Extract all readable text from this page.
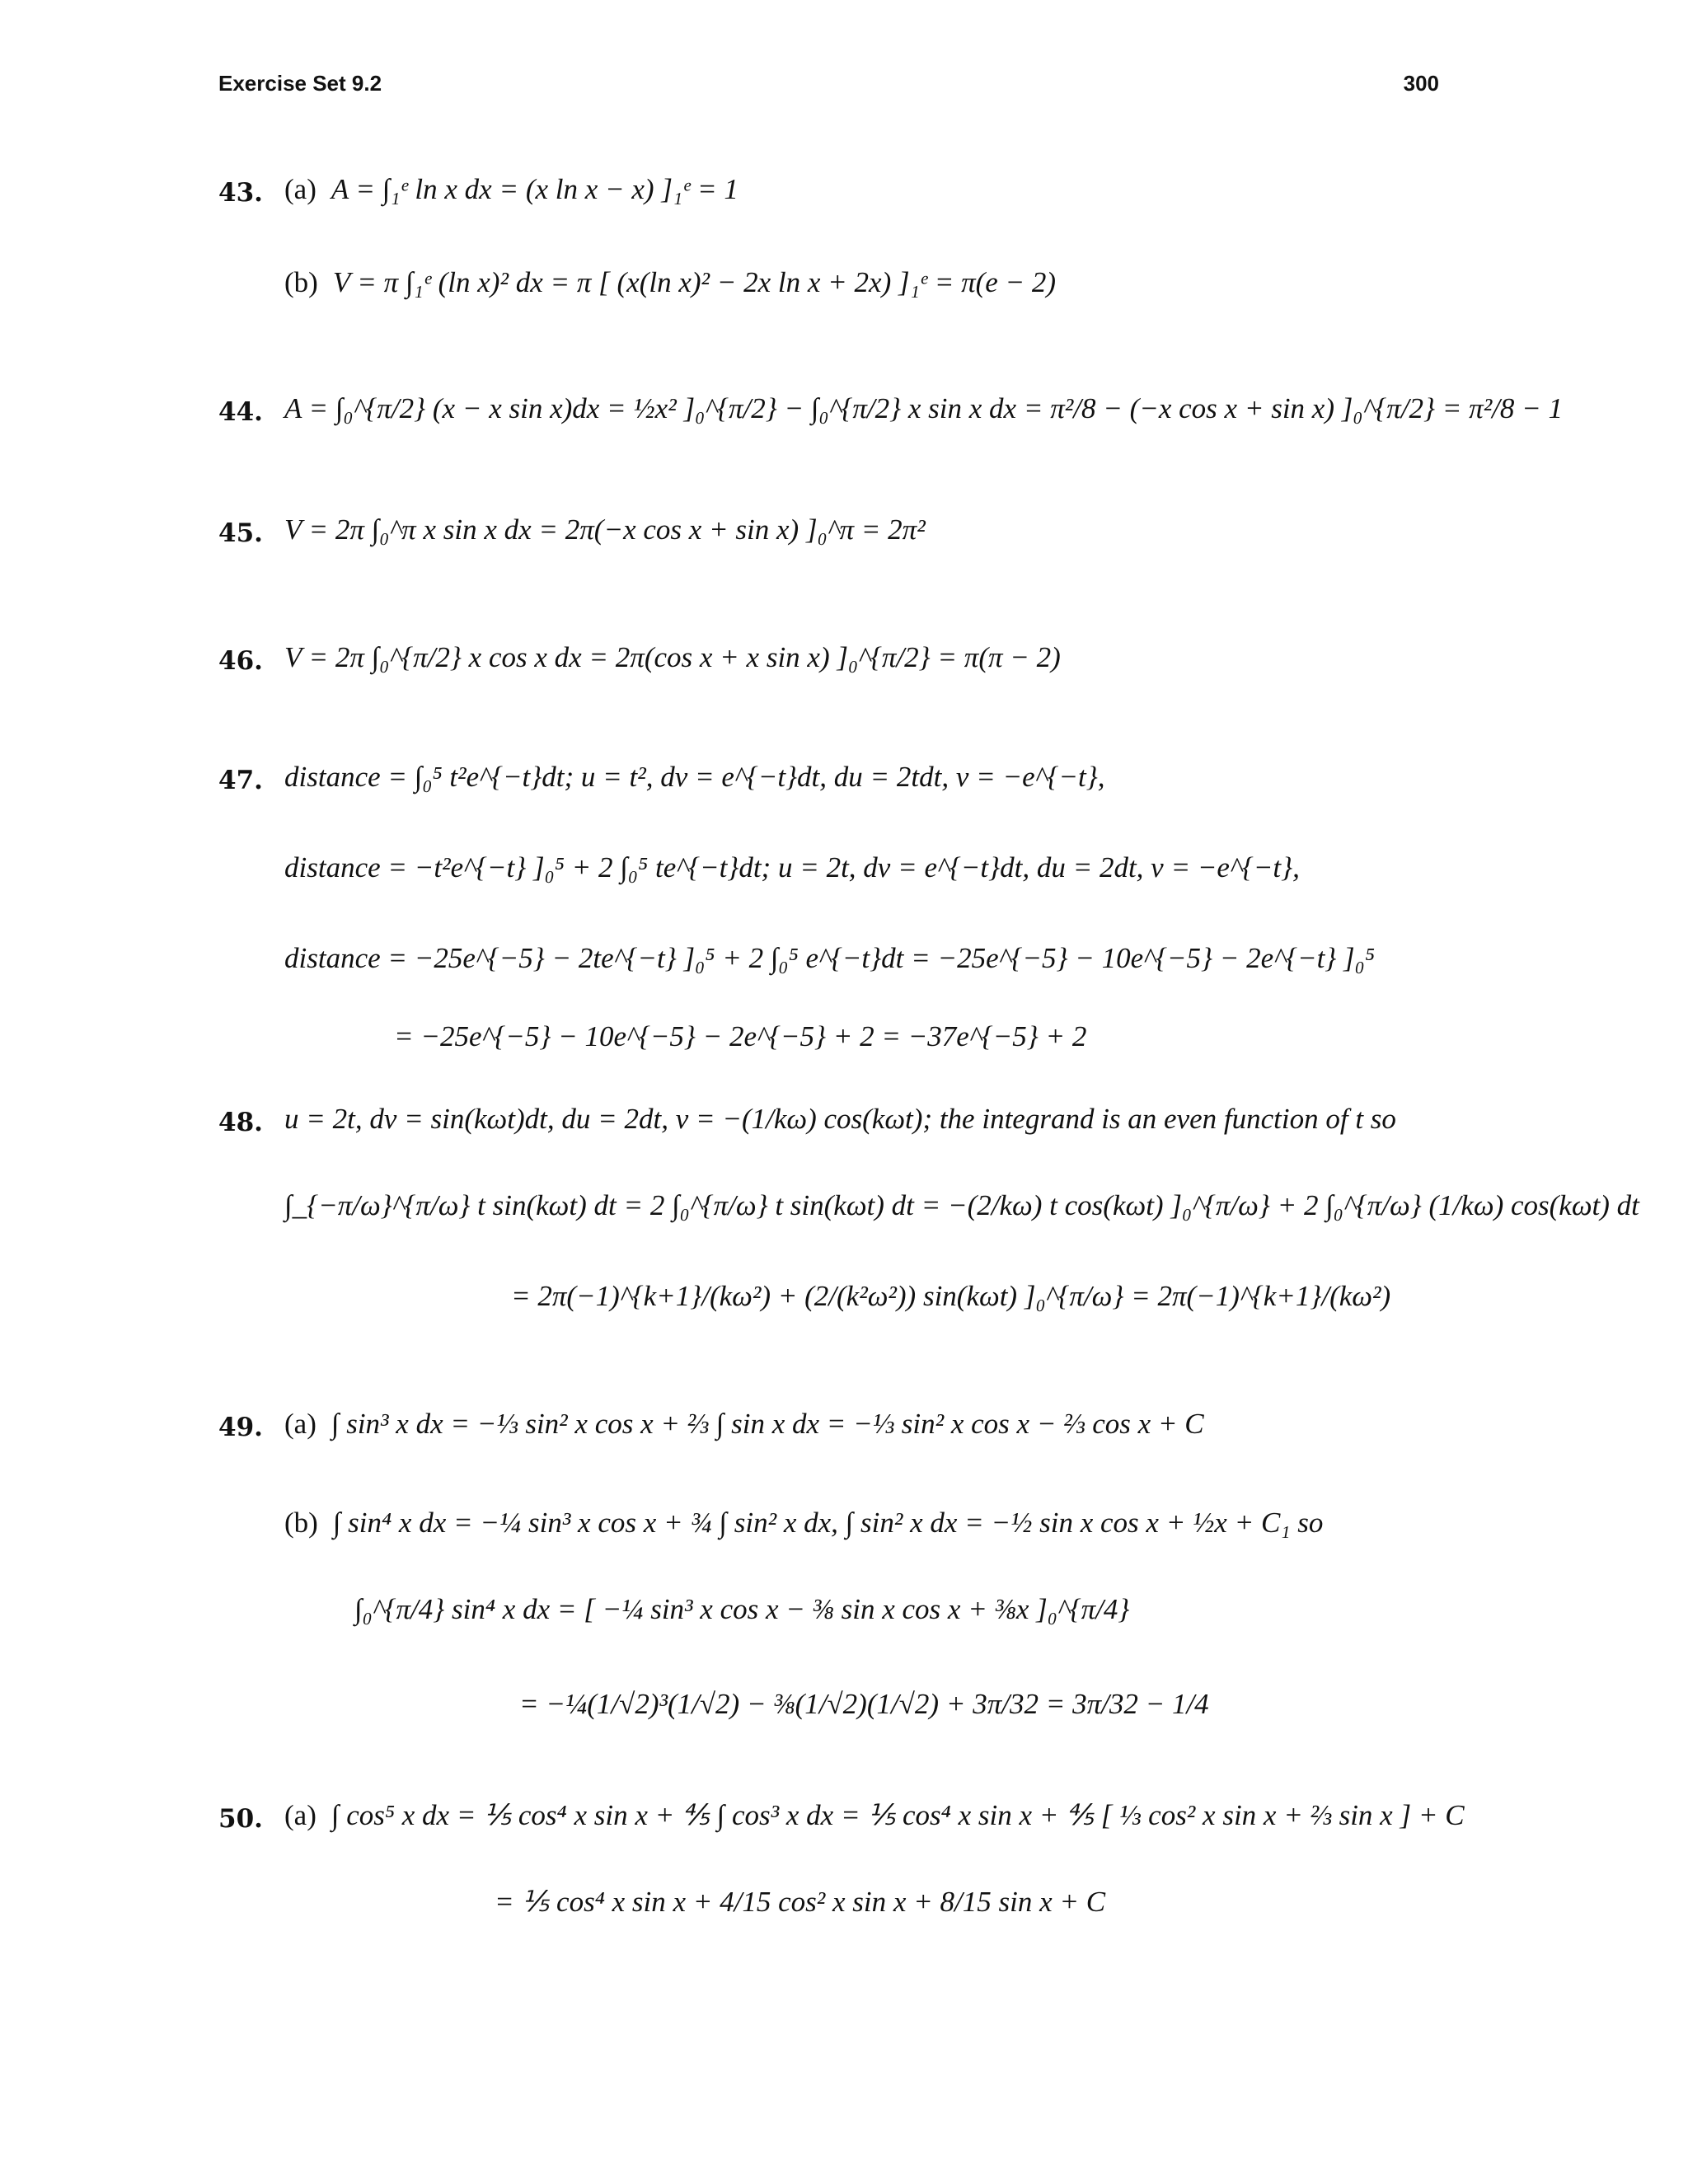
Exercise Set 9.2	300
43. (a) A = ∫₁ᵉ ln x dx = (x ln x − x) ]₁ᵉ = 1
(b) V = π ∫₁ᵉ (ln x)² dx = π [ (x(ln x)² − 2x ln x + 2x) ]₁ᵉ = π(e − 2)
44. A = ∫₀^{π/2} (x − x sin x)dx = ½x² ]₀^{π/2} − ∫₀^{π/2} x sin x dx = π²/8 − (−x cos x + sin x) ]₀^{π/2} = π²/8 − 1
45. V = 2π ∫₀^π x sin x dx = 2π(−x cos x + sin x) ]₀^π = 2π²
46. V = 2π ∫₀^{π/2} x cos x dx = 2π(cos x + x sin x) ]₀^{π/2} = π(π − 2)
47. distance = ∫₀⁵ t²e^{−t}dt; u = t², dv = e^{−t}dt, du = 2tdt, v = −e^{−t},
distance = −t²e^{−t} ]₀⁵ + 2 ∫₀⁵ te^{−t}dt; u = 2t, dv = e^{−t}dt, du = 2dt, v = −e^{−t},
distance = −25e^{−5} − 2te^{−t} ]₀⁵ + 2 ∫₀⁵ e^{−t}dt = −25e^{−5} − 10e^{−5} − 2e^{−t} ]₀⁵
= −25e^{−5} − 10e^{−5} − 2e^{−5} + 2 = −37e^{−5} + 2
48. u = 2t, dv = sin(kωt)dt, du = 2dt, v = −(1/kω) cos(kωt); the integrand is an even function of t so
∫_{−π/ω}^{π/ω} t sin(kωt) dt = 2 ∫₀^{π/ω} t sin(kωt) dt = −(2/kω) t cos(kωt) ]₀^{π/ω} + 2 ∫₀^{π/ω} (1/kω) cos(kωt) dt
= 2π(−1)^{k+1}/(kω²) + (2/(k²ω²)) sin(kωt) ]₀^{π/ω} = 2π(−1)^{k+1}/(kω²)
49. (a) ∫ sin³ x dx = −⅓ sin² x cos x + ⅔ ∫ sin x dx = −⅓ sin² x cos x − ⅔ cos x + C
(b) ∫ sin⁴ x dx = −¼ sin³ x cos x + ¾ ∫ sin² x dx, ∫ sin² x dx = −½ sin x cos x + ½x + C₁ so
∫₀^{π/4} sin⁴ x dx = [ −¼ sin³ x cos x − ⅜ sin x cos x + ⅜x ]₀^{π/4}
= −¼(1/√2)³(1/√2) − ⅜(1/√2)(1/√2) + 3π/32 = 3π/32 − 1/4
50. (a) ∫ cos⁵ x dx = ⅕ cos⁴ x sin x + ⅘ ∫ cos³ x dx = ⅕ cos⁴ x sin x + ⅘ [ ⅓ cos² x sin x + ⅔ sin x ] + C
= ⅕ cos⁴ x sin x + 4/15 cos² x sin x + 8/15 sin x + C
